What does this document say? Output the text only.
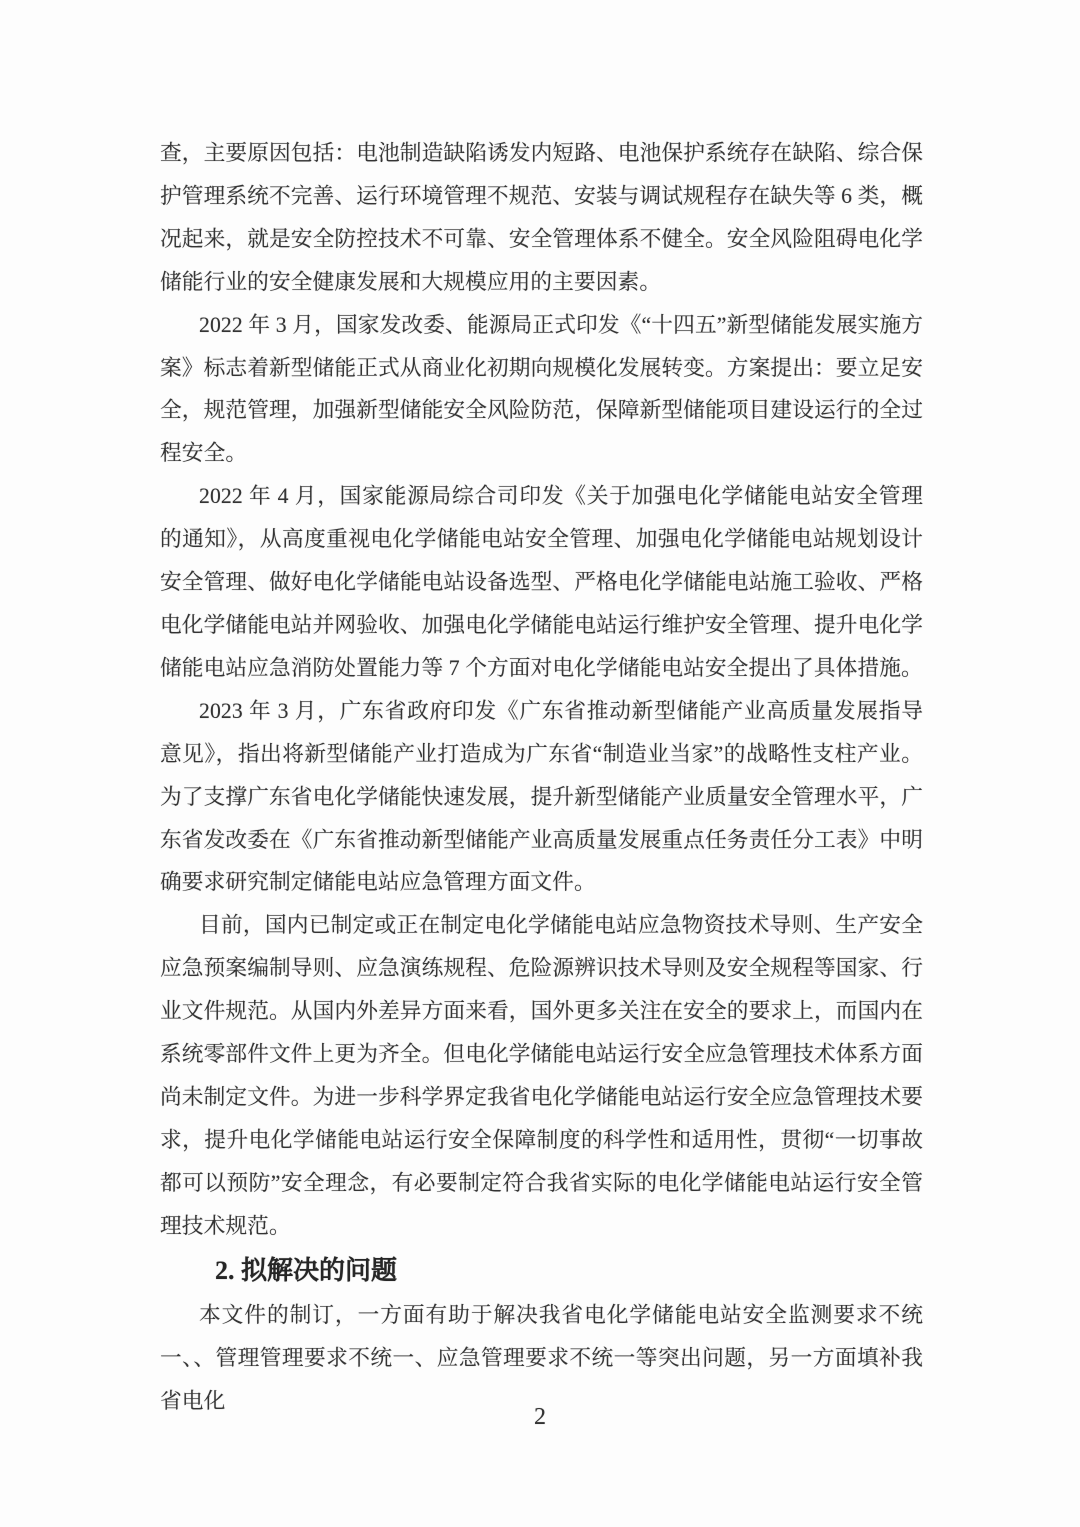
查，主要原因包括：电池制造缺陷诱发内短路、电池保护系统存在缺陷、综合保护管理系统不完善、运行环境管理不规范、安装与调试规程存在缺失等 6 类，概况起来，就是安全防控技术不可靠、安全管理体系不健全。安全风险阻碍电化学储能行业的安全健康发展和大规模应用的主要因素。

2022 年 3 月，国家发改委、能源局正式印发《“十四五”新型储能发展实施方案》标志着新型储能正式从商业化初期向规模化发展转变。方案提出：要立足安全，规范管理，加强新型储能安全风险防范，保障新型储能项目建设运行的全过程安全。

2022 年 4 月，国家能源局综合司印发《关于加强电化学储能电站安全管理的通知》，从高度重视电化学储能电站安全管理、加强电化学储能电站规划设计安全管理、做好电化学储能电站设备选型、严格电化学储能电站施工验收、严格电化学储能电站并网验收、加强电化学储能电站运行维护安全管理、提升电化学储能电站应急消防处置能力等 7 个方面对电化学储能电站安全提出了具体措施。

2023 年 3 月，广东省政府印发《广东省推动新型储能产业高质量发展指导意见》，指出将新型储能产业打造成为广东省“制造业当家”的战略性支柱产业。为了支撑广东省电化学储能快速发展，提升新型储能产业质量安全管理水平，广东省发改委在《广东省推动新型储能产业高质量发展重点任务责任分工表》中明确要求研究制定储能电站应急管理方面文件。

目前，国内已制定或正在制定电化学储能电站应急物资技术导则、生产安全应急预案编制导则、应急演练规程、危险源辨识技术导则及安全规程等国家、行业文件规范。从国内外差异方面来看，国外更多关注在安全的要求上，而国内在系统零部件文件上更为齐全。但电化学储能电站运行安全应急管理技术体系方面尚未制定文件。为进一步科学界定我省电化学储能电站运行安全应急管理技术要求，提升电化学储能电站运行安全保障制度的科学性和适用性，贯彻“一切事故都可以预防”安全理念，有必要制定符合我省实际的电化学储能电站运行安全管理技术规范。

2. 拟解决的问题

本文件的制订，一方面有助于解决我省电化学储能电站安全监测要求不统一、、管理管理要求不统一、应急管理要求不统一等突出问题，另一方面填补我省电化

2
